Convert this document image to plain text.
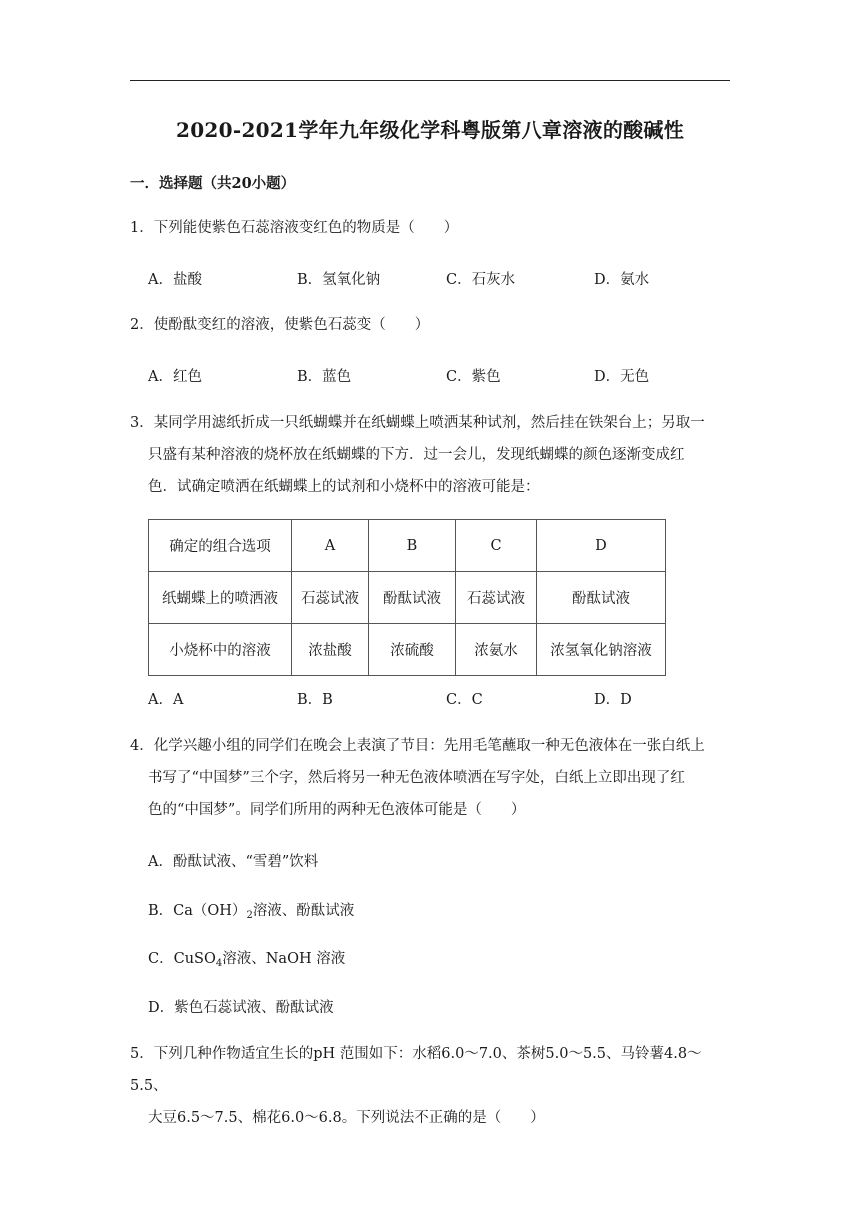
2020-2021学年九年级化学科粤版第八章溶液的酸碱性
一．选择题（共20小题）
1．下列能使紫色石蕊溶液变红色的物质是（　　）
A．盐酸	B．氢氧化钠	C．石灰水	D．氨水
2．使酚酞变红的溶液，使紫色石蕊变（　　）
A．红色	B．蓝色	C．紫色	D．无色

3．某同学用滤纸折成一只纸蝴蝶并在纸蝴蝶上喷洒某种试剂，然后挂在铁架台上；另取一

只盛有某种溶液的烧杯放在纸蝴蝶的下方．过一会儿，发现纸蝴蝶的颜色逐渐变成红

色．试确定喷洒在纸蝴蝶上的试剂和小烧杯中的溶液可能是：

确定的组合选项	A	B	C	D
纸蝴蝶上的喷洒液	石蕊试液	酚酞试液	石蕊试液	酚酞试液
小烧杯中的溶液	浓盐酸	浓硫酸	浓氨水	浓氢氧化钠溶液
A．A	B．B	C．C	D．D

4．化学兴趣小组的同学们在晚会上表演了节目：先用毛笔蘸取一种无色液体在一张白纸上

书写了“中国梦”三个字，然后将另一种无色液体喷洒在写字处，白纸上立即出现了红

色的“中国梦”。同学们所用的两种无色液体可能是（　　）

A．酚酞试液、“雪碧”饮料
B．$Ca(OH)_2$溶液、酚酞试液
C．CuSO$_4$溶液、NaOH 溶液
D．紫色石蕊试液、酚酞试液

5．下列几种作物适宜生长的pH 范围如下：水稻6.0～7.0、茶树5.0～5.5、马铃薯4.8～5.5、

大豆6.5～7.5、棉花6.0～6.8。下列说法不正确的是（　　）
